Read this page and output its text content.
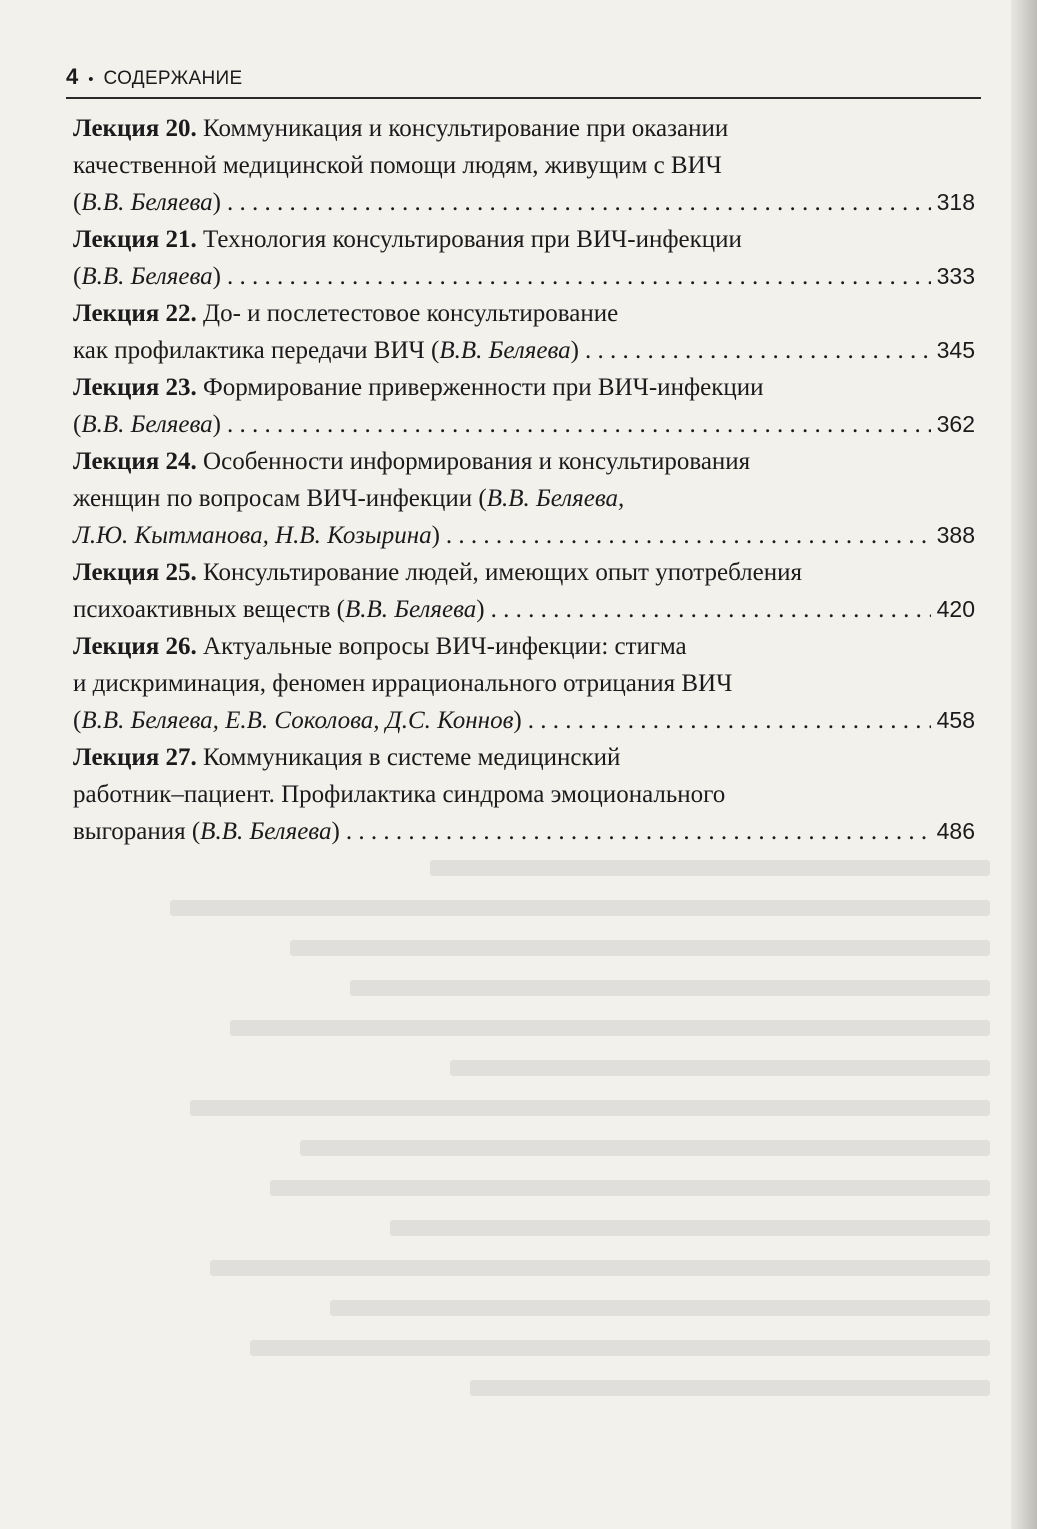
4 • СОДЕРЖАНИЕ
Лекция 20. Коммуникация и консультирование при оказании
качественной медицинской помощи людям, живущим с ВИЧ
( В.В. Беляева ) . . .	318
Лекция 21. Технология консультирования при ВИЧ-инфекции
( В.В. Беляева ) . . .	333
Лекция 22. До- и послетестовое консультирование
как профилактика передачи ВИЧ ( В.В. Беляева ) . . .	345
Лекция 23. Формирование приверженности при ВИЧ-инфекции
( В.В. Беляева ) . . .	362
Лекция 24. Особенности информирования и консультирования
женщин по вопросам ВИЧ-инфекции (В.В. Беляева,
Л.Ю. Кытманова, Н.В. Козырина ) . . .	388
Лекция 25. Консультирование людей, имеющих опыт употребления
психоактивных веществ ( В.В. Беляева ) . . .	420
Лекция 26. Актуальные вопросы ВИЧ-инфекции: стигма
и дискриминация, феномен иррационального отрицания ВИЧ
( В.В. Беляева, Е.В. Соколова, Д.С. Коннов ) . . .	458
Лекция 27. Коммуникация в системе медицинский
работник–пациент. Профилактика синдрома эмоционального
выгорания ( В.В. Беляева ) . . .	486
